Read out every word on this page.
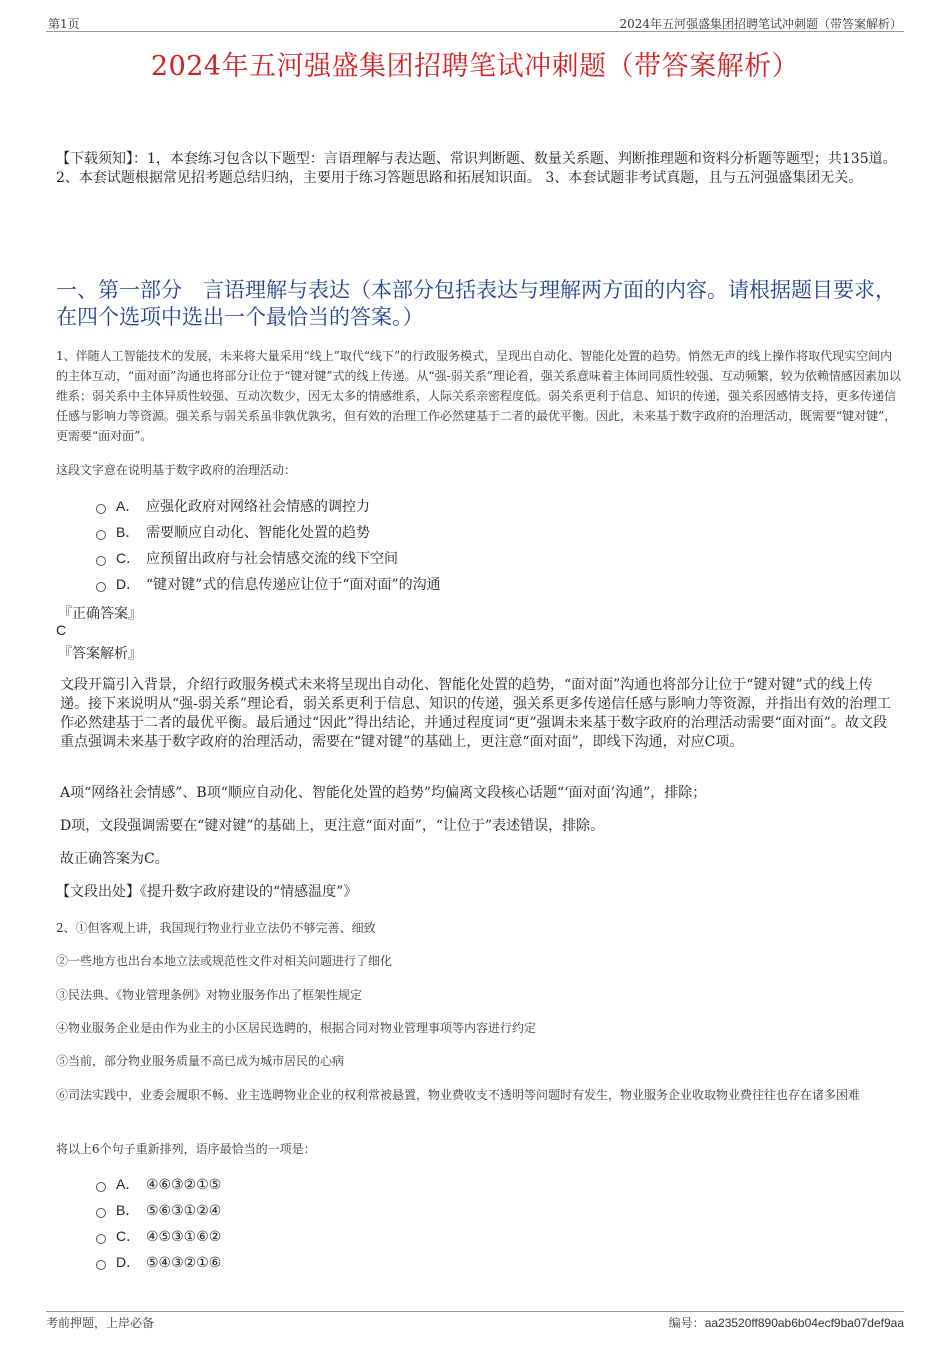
第1页	2024年五河强盛集团招聘笔试冲刺题（带答案解析）
2024年五河强盛集团招聘笔试冲刺题（带答案解析）
【下载须知】：1，本套练习包含以下题型：言语理解与表达题、常识判断题、数量关系题、判断推理题和资料分析题等题型；共135道。 2、本套试题根据常见招考题总结归纳，主要用于练习答题思路和拓展知识面。 3、本套试题非考试真题，且与五河强盛集团无关。
一、第一部分　言语理解与表达（本部分包括表达与理解两方面的内容。请根据题目要求，在四个选项中选出一个最恰当的答案。）
1、伴随人工智能技术的发展，未来将大量采用“线上”取代“线下”的行政服务模式，呈现出自动化、智能化处置的趋势。悄然无声的线上操作将取代现实空间内的主体互动，“面对面”沟通也将部分让位于“键对键”式的线上传递。从“强-弱关系”理论看，强关系意味着主体间同质性较强、互动频繁，较为依赖情感因素加以维系；弱关系中主体异质性较强、互动次数少，因无太多的情感维系，人际关系亲密程度低。弱关系更利于信息、知识的传递，强关系因感情支持，更多传递信任感与影响力等资源。强关系与弱关系虽非孰优孰劣，但有效的治理工作必然建基于二者的最优平衡。因此，未来基于数字政府的治理活动，既需要“键对键”，更需要“面对面”。
这段文字意在说明基于数字政府的治理活动：
A． 应强化政府对网络社会情感的调控力
B． 需要顺应自动化、智能化处置的趋势
C． 应预留出政府与社会情感交流的线下空间
D． “键对键”式的信息传递应让位于“面对面”的沟通
『正确答案』
C
『答案解析』
文段开篇引入背景，介绍行政服务模式未来将呈现出自动化、智能化处置的趋势，“面对面”沟通也将部分让位于“键对键”式的线上传递。接下来说明从“强-弱关系”理论看，弱关系更利于信息、知识的传递，强关系更多传递信任感与影响力等资源，并指出有效的治理工作必然建基于二者的最优平衡。最后通过“因此”得出结论，并通过程度词“更”强调未来基于数字政府的治理活动需要“面对面”。故文段重点强调未来基于数字政府的治理活动，需要在“键对键”的基础上，更注意“面对面”，即线下沟通，对应C项。
A项“网络社会情感”、B项“顺应自动化、智能化处置的趋势”均偏离文段核心话题“‘面对面’沟通”，排除；
D项，文段强调需要在“键对键”的基础上，更注意“面对面”，“让位于”表述错误，排除。
故正确答案为C。
【文段出处】《提升数字政府建设的“情感温度”》
2、①但客观上讲，我国现行物业行业立法仍不够完善、细致
②一些地方也出台本地立法或规范性文件对相关问题进行了细化
③民法典、《物业管理条例》对物业服务作出了框架性规定
④物业服务企业是由作为业主的小区居民选聘的，根据合同对物业管理事项等内容进行约定
⑤当前，部分物业服务质量不高已成为城市居民的心病
⑥司法实践中，业委会履职不畅、业主选聘物业企业的权利常被悬置，物业费收支不透明等问题时有发生，物业服务企业收取物业费往往也存在诸多困难
将以上6个句子重新排列，语序最恰当的一项是：
A． ④⑥③②①⑤
B． ⑤⑥③①②④
C． ④⑤③①⑥②
D． ⑤④③②①⑥
考前押题，上岸必备	编号：aa23520ff890ab6b04ecf9ba07def9aa
